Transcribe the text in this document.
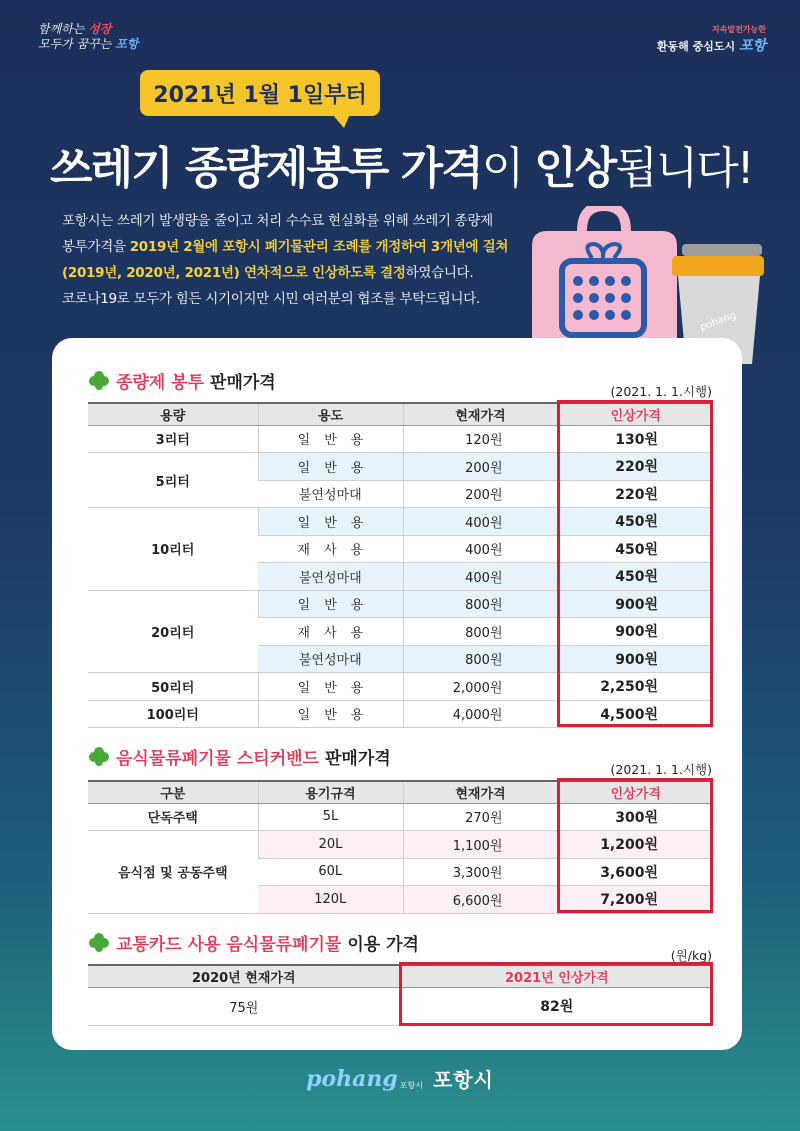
함께하는 성장
모두가 꿈꾸는 포항
지속발전가능한
환동해 중심도시 포항
2021년 1월 1일부터
쓰레기 종량제봉투 가격이 인상됩니다!
포항시는 쓰레기 발생량을 줄이고 처리 수수료 현실화를 위해 쓰레기 종량제
봉투가격을 2019년 2월에 포항시 폐기물관리 조례를 개정하여 3개년에 걸쳐
(2019년, 2020년, 2021년) 연차적으로 인상하도록 결정하였습니다.
코로나19로 모두가 힘든 시기이지만 시민 여러분의 협조를 부탁드립니다.
pohang
종량제 봉투 판매가격	(2021. 1. 1.시행)
용량	용도	현재가격	인상가격
3리터	일반용	120원	130원
5리터	일반용	200원	220원
	불연성마대	200원	220원
10리터	일반용	400원	450원
	재사용	400원	450원
	불연성마대	400원	450원
20리터	일반용	800원	900원
	재사용	800원	900원
	불연성마대	800원	900원
50리터	일반용	2,000원	2,250원
100리터	일반용	4,000원	4,500원
음식물류폐기물 스티커밴드 판매가격
(2021. 1. 1.시행)
구분	용기규격	현재가격	인상가격
단독주택	5L	270원	300원
음식점 및 공동주택	20L	1,100원	1,200원
	60L	3,300원	3,600원
	120L	6,600원	7,200원
교통카드 사용 음식물류폐기물 이용 가격
(원/kg)
2020년 현재가격	2021년 인상가격
75원	82원
pohang 포항시 포항시
